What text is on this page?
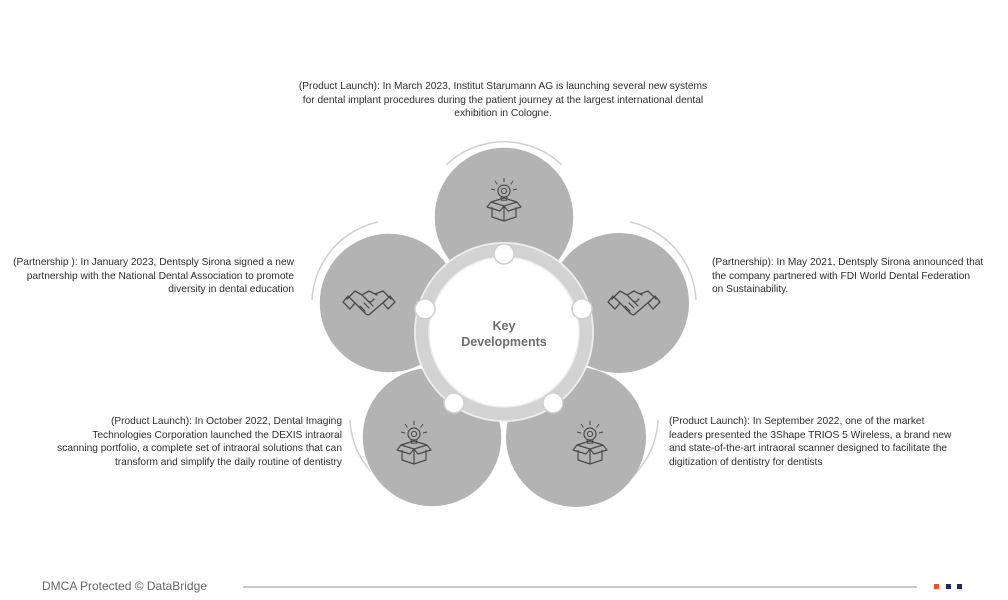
(Product Launch): In March 2023, Institut Starumann AG is launching several new systems for dental implant procedures during the patient journey at the largest international dental exhibition in Cologne.
(Partnership ): In January 2023, Dentsply Sirona signed a new partnership with the National Dental Association to promote diversity in dental education
(Partnership): In May 2021, Dentsply Sirona announced that the company partnered with FDI World Dental Federation on Sustainability.
(Product Launch): In October 2022, Dental Imaging Technologies Corporation launched the DEXIS intraoral scanning portfolio, a complete set of intraoral solutions that can transform and simplify the daily routine of dentistry
(Product Launch): In September 2022, one of the market leaders presented the 3Shape TRIOS 5 Wireless, a brand new and state-of-the-art intraoral scanner designed to facilitate the digitization of dentistry for dentists
Key
Developments
DMCA Protected © DataBridge
